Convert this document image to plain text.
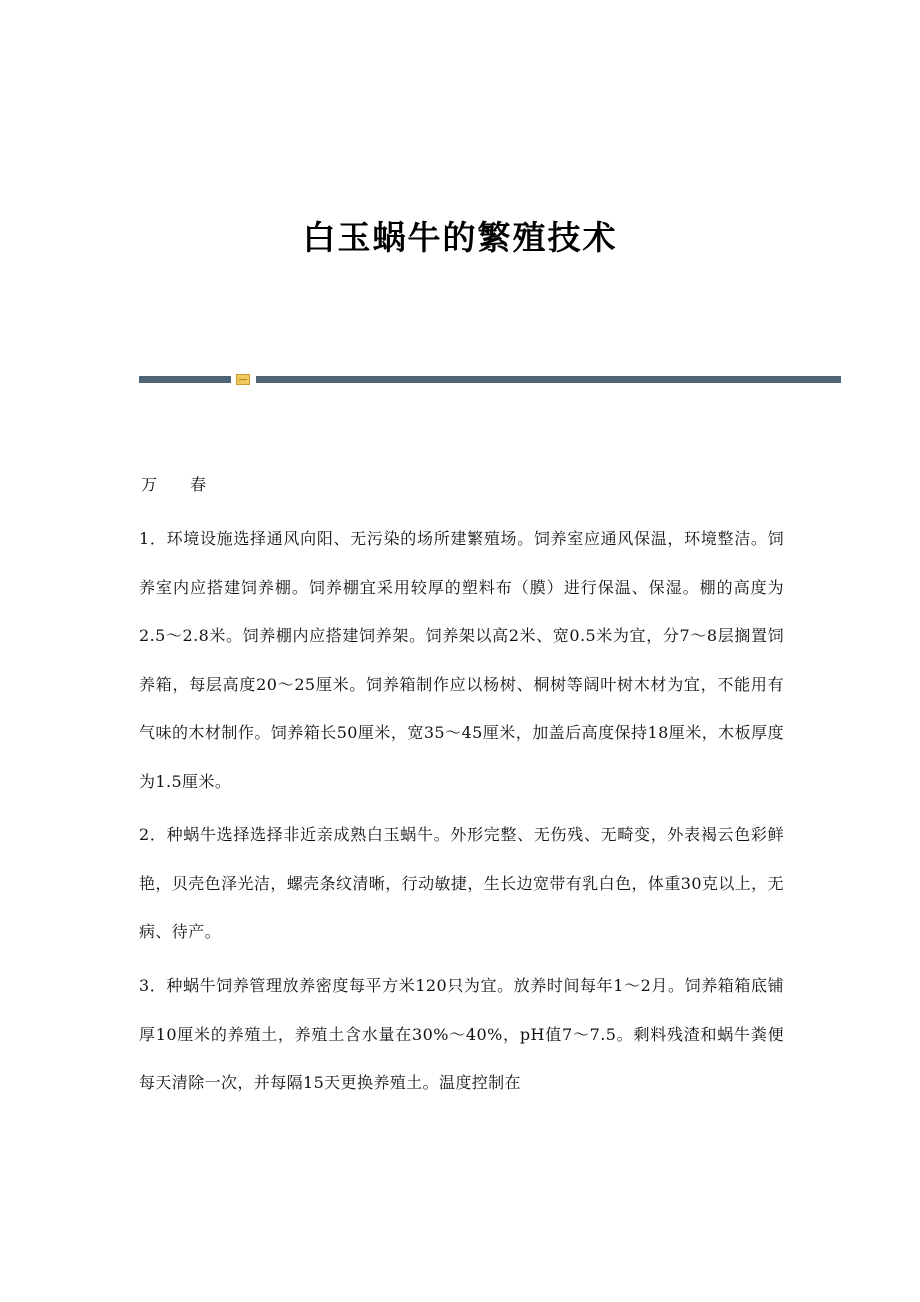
白玉蜗牛的繁殖技术
万 春

1．环境设施选择通风向阳、无污染的场所建繁殖场。饲养室应通风保温，环境整洁。饲养室内应搭建饲养棚。饲养棚宜采用较厚的塑料布（膜）进行保温、保湿。棚的高度为2.5～2.8米。饲养棚内应搭建饲养架。饲养架以高2米、宽0.5米为宜，分7～8层搁置饲养箱，每层高度20～25厘米。饲养箱制作应以杨树、桐树等阔叶树木材为宜，不能用有气味的木材制作。饲养箱长50厘米，宽35～45厘米，加盖后高度保持18厘米，木板厚度为1.5厘米。

2．种蜗牛选择选择非近亲成熟白玉蜗牛。外形完整、无伤残、无畸变，外表褐云色彩鲜艳，贝壳色泽光洁，螺壳条纹清晰，行动敏捷，生长边宽带有乳白色，体重30克以上，无病、待产。

3．种蜗牛饲养管理放养密度每平方米120只为宜。放养时间每年1～2月。饲养箱箱底铺厚10厘米的养殖土，养殖土含水量在30%～40%，pH值7～7.5。剩料残渣和蜗牛粪便每天清除一次，并每隔15天更换养殖土。温度控制在
